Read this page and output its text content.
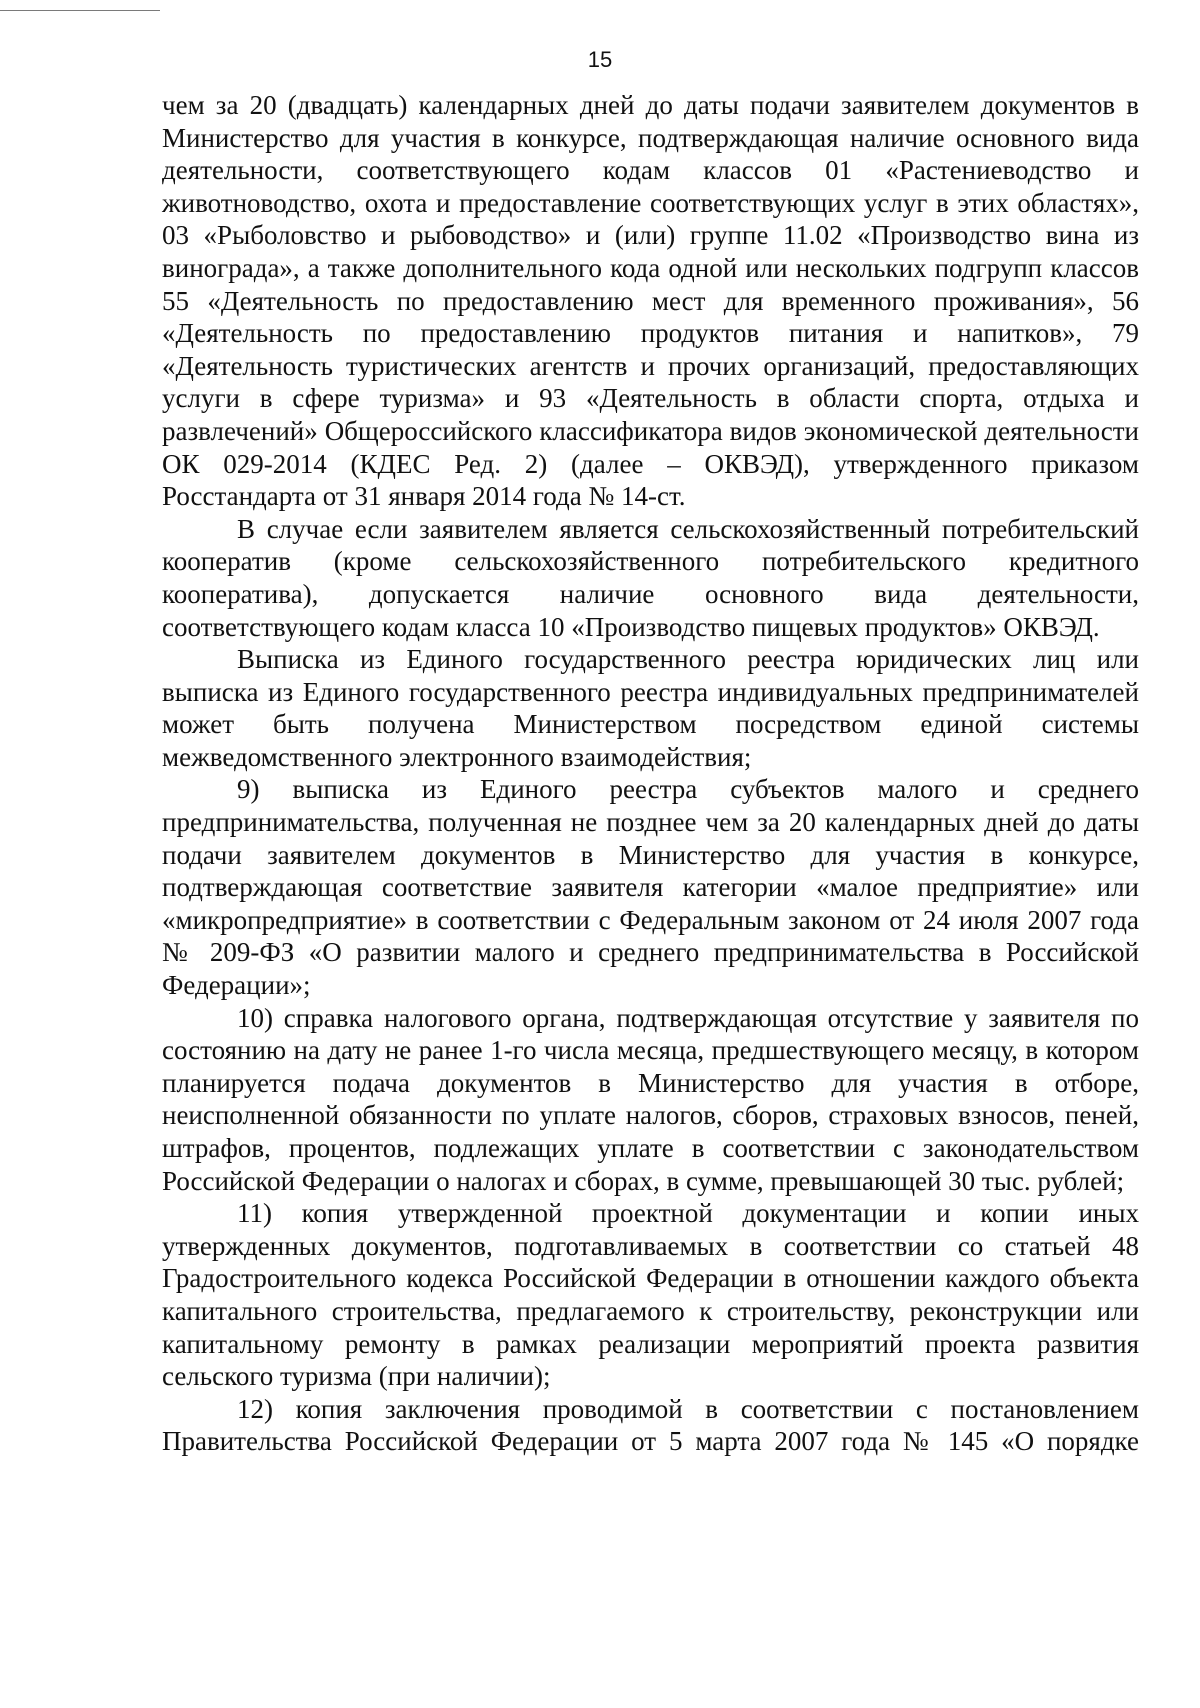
15

чем за 20 (двадцать) календарных дней до даты подачи заявителем документов в Министерство для участия в конкурсе, подтверждающая наличие основного вида деятельности, соответствующего кодам классов 01 «Растениеводство и животноводство, охота и предоставление соответствующих услуг в этих областях», 03 «Рыболовство и рыбоводство» и (или) группе 11.02 «Производство вина из винограда», а также дополнительного кода одной или нескольких подгрупп классов 55 «Деятельность по предоставлению мест для временного проживания», 56 «Деятельность по предоставлению продуктов питания и напитков», 79 «Деятельность туристических агентств и прочих организаций, предоставляющих услуги в сфере туризма» и 93 «Деятельность в области спорта, отдыха и развлечений» Общероссийского классификатора видов экономической деятельности ОК 029-2014 (КДЕС Ред. 2) (далее – ОКВЭД), утвержденного приказом Росстандарта от 31 января 2014 года № 14-ст.

В случае если заявителем является сельскохозяйственный потребительский кооператив (кроме сельскохозяйственного потребительского кредитного кооператива), допускается наличие основного вида деятельности, соответствующего кодам класса 10 «Производство пищевых продуктов» ОКВЭД.

Выписка из Единого государственного реестра юридических лиц или выписка из Единого государственного реестра индивидуальных предпринимателей может быть получена Министерством посредством единой системы межведомственного электронного взаимодействия;

9) выписка из Единого реестра субъектов малого и среднего предпринимательства, полученная не позднее чем за 20 календарных дней до даты подачи заявителем документов в Министерство для участия в конкурсе, подтверждающая соответствие заявителя категории «малое предприятие» или «микропредприятие» в соответствии с Федеральным законом от 24 июля 2007 года № 209-ФЗ «О развитии малого и среднего предпринимательства в Российской Федерации»;

10) справка налогового органа, подтверждающая отсутствие у заявителя по состоянию на дату не ранее 1-го числа месяца, предшествующего месяцу, в котором планируется подача документов в Министерство для участия в отборе, неисполненной обязанности по уплате налогов, сборов, страховых взносов, пеней, штрафов, процентов, подлежащих уплате в соответствии с законодательством Российской Федерации о налогах и сборах, в сумме, превышающей 30 тыс. рублей;

11) копия утвержденной проектной документации и копии иных утвержденных документов, подготавливаемых в соответствии со статьей 48 Градостроительного кодекса Российской Федерации в отношении каждого объекта капитального строительства, предлагаемого к строительству, реконструкции или капитальному ремонту в рамках реализации мероприятий проекта развития сельского туризма (при наличии);

12) копия заключения проводимой в соответствии с постановлением Правительства Российской Федерации от 5 марта 2007 года № 145 «О порядке
